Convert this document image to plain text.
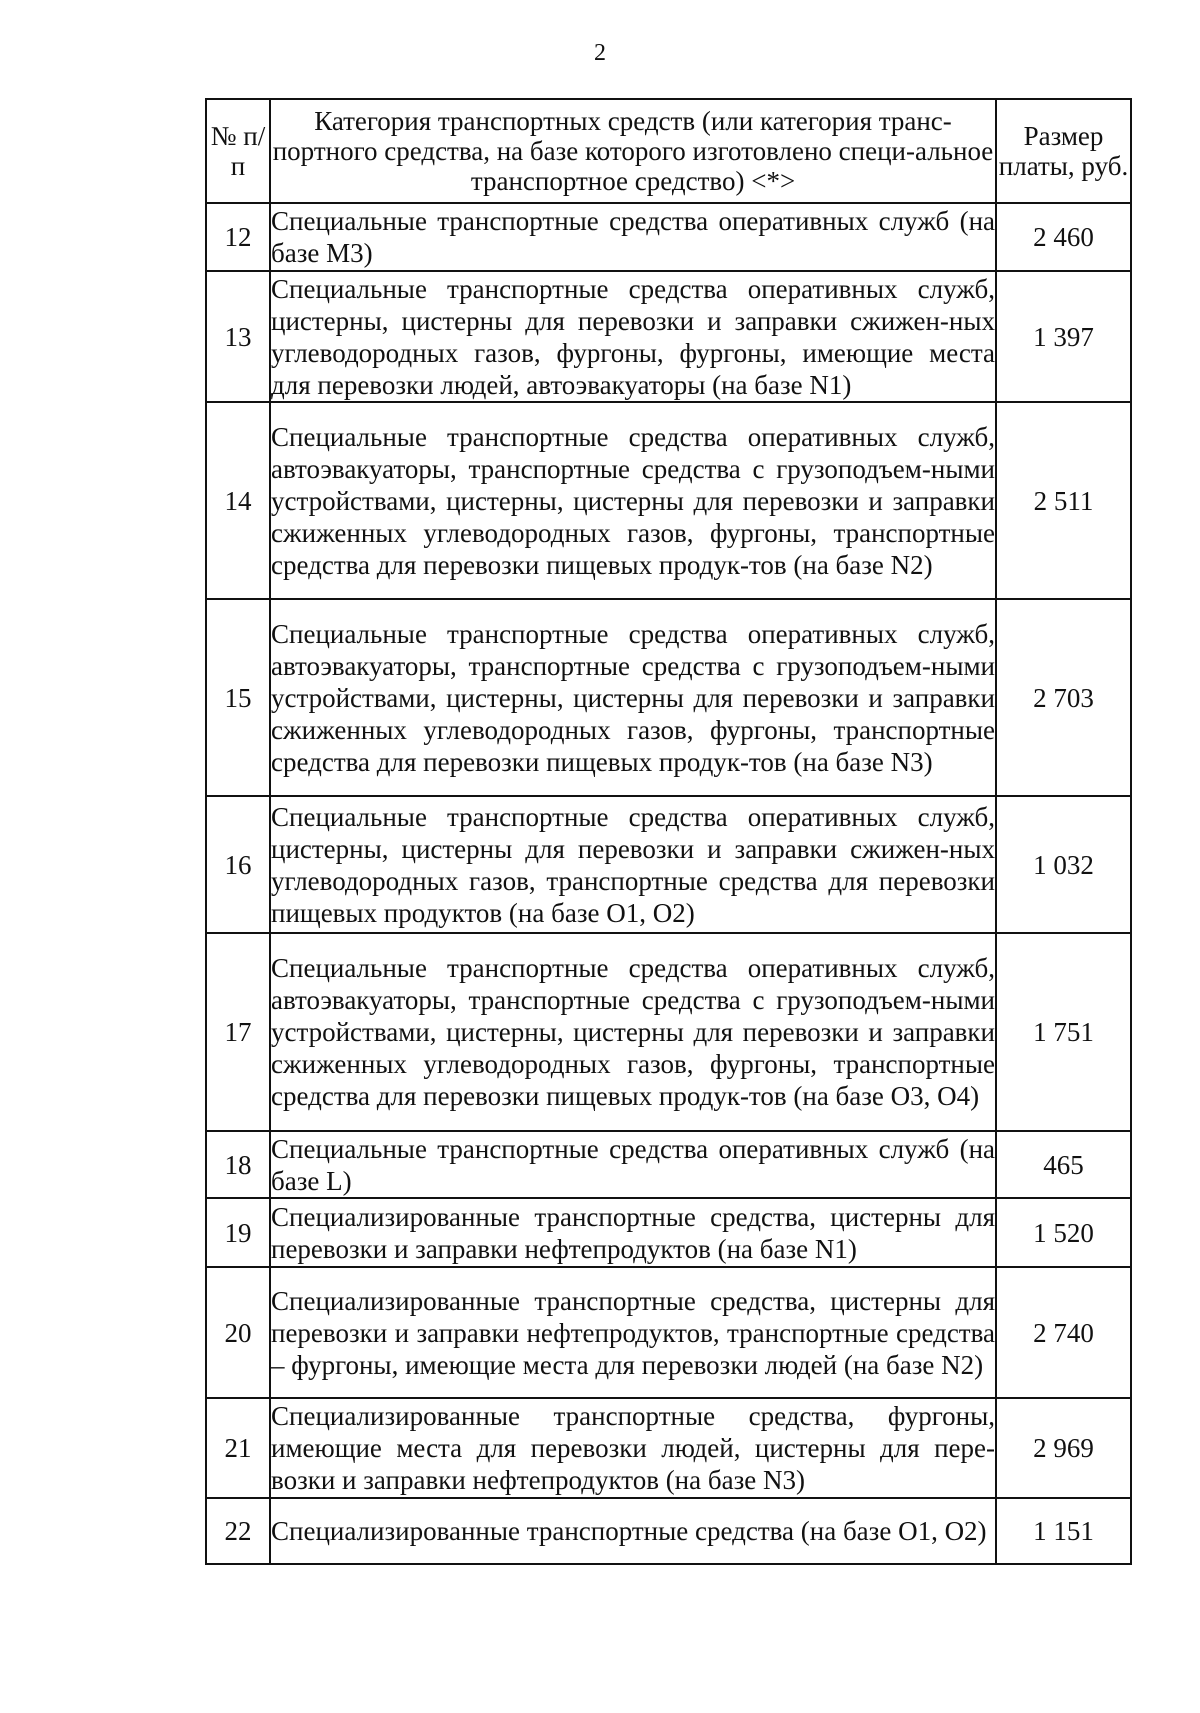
2
№ п/п	Категория транспортных средств (или категория транс-портного средства, на базе которого изготовлено специ-альное транспортное средство) <*>	Размер платы, руб.
12	Специальные транспортные средства оперативных служб (на базе М3)	2 460
13	Специальные транспортные средства оперативных служб, цистерны, цистерны для перевозки и заправки сжижен-ных углеводородных газов, фургоны, фургоны, имеющие места для перевозки людей, автоэвакуаторы (на базе N1)	1 397
14	Специальные транспортные средства оперативных служб, автоэвакуаторы, транспортные средства с грузоподъем-ными устройствами, цистерны, цистерны для перевозки и заправки сжиженных углеводородных газов, фургоны, транспортные средства для перевозки пищевых продук-тов (на базе N2)	2 511
15	Специальные транспортные средства оперативных служб, автоэвакуаторы, транспортные средства с грузоподъем-ными устройствами, цистерны, цистерны для перевозки и заправки сжиженных углеводородных газов, фургоны, транспортные средства для перевозки пищевых продук-тов (на базе N3)	2 703
16	Специальные транспортные средства оперативных служб, цистерны, цистерны для перевозки и заправки сжижен-ных углеводородных газов, транспортные средства для перевозки пищевых продуктов (на базе O1, O2)	1 032
17	Специальные транспортные средства оперативных служб, автоэвакуаторы, транспортные средства с грузоподъем-ными устройствами, цистерны, цистерны для перевозки и заправки сжиженных углеводородных газов, фургоны, транспортные средства для перевозки пищевых продук-тов (на базе O3, O4)	1 751
18	Специальные транспортные средства оперативных служб (на базе L)	465
19	Специализированные транспортные средства, цистерны для перевозки и заправки нефтепродуктов (на базе N1)	1 520
20	Специализированные транспортные средства, цистерны для перевозки и заправки нефтепродуктов, транспортные средства – фургоны, имеющие места для перевозки людей (на базе N2)	2 740
21	Специализированные транспортные средства, фургоны, имеющие места для перевозки людей, цистерны для пере-возки и заправки нефтепродуктов (на базе N3)	2 969
22	Специализированные транспортные средства (на базе O1, O2)	1 151
